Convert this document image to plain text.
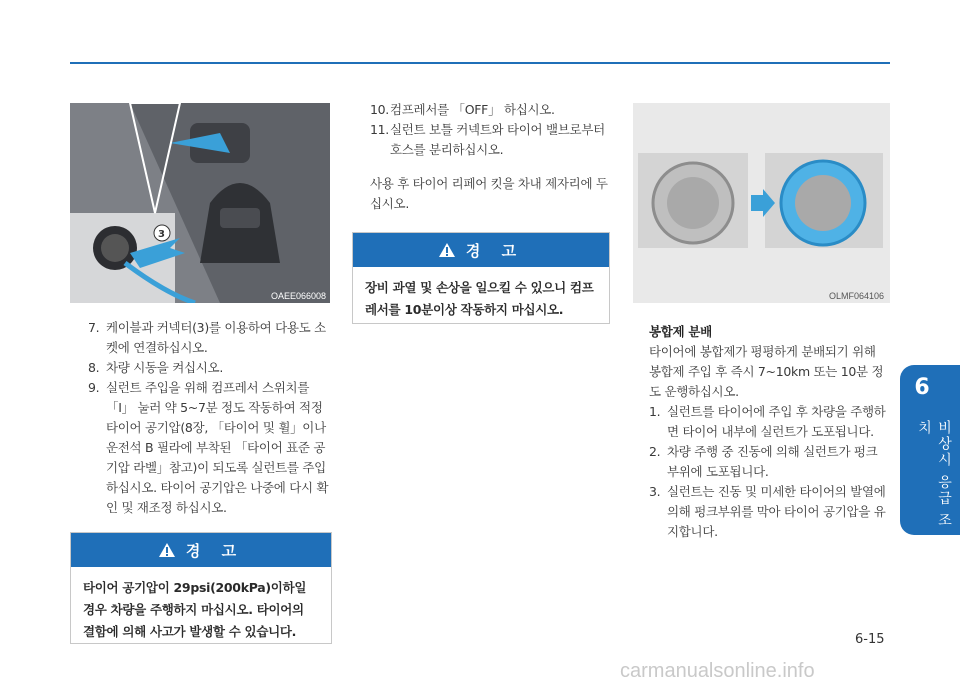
3
OAEE066008
7. 케이블과 커넥터(3)를 이용하여 다용도 소켓에 연결하십시오.
8. 차량 시동을 켜십시오.
9. 실런트 주입을 위해 컴프레서 스위치를 「I」 눌러 약 5~7분 정도 작동하여 적정 타이어 공기압(8장, 「타이어 및 휠」이나 운전석 B 필라에 부착된 「타이어 표준 공기압 라벨」참고)이 되도록 실런트를 주입하십시오. 타이어 공기압은 나중에 다시 확인 및 재조정 하십시오.
경 고
타이어 공기압이 29psi(200kPa)이하일 경우 차량을 주행하지 마십시오. 타이어의 결함에 의해 사고가 발생할 수 있습니다.
10. 컴프레서를 「OFF」 하십시오.
11. 실런트 보틀 커넥트와 타이어 밸브로부터 호스를 분리하십시오.
사용 후 타이어 리페어 킷을 차내 제자리에 두십시오.
경 고
장비 과열 및 손상을 일으킬 수 있으니 컴프레서를 10분이상 작동하지 마십시오.
OLMF064106
봉합제 분배
타이어에 봉합제가 평평하게 분배되기 위해 봉합제 주입 후 즉시 7~10km 또는 10분 정도 운행하십시오.
1. 실런트를 타이어에 주입 후 차량을 주행하면 타이어 내부에 실런트가 도포됩니다.
2. 차량 주행 중 진동에 의해 실런트가 펑크 부위에 도포됩니다.
3. 실런트는 진동 및 미세한 타이어의 발열에 의해 펑크부위를 막아 타이어 공기압을 유지합니다.
6
비상시 응급 조치
6-15
carmanualsonline.info
